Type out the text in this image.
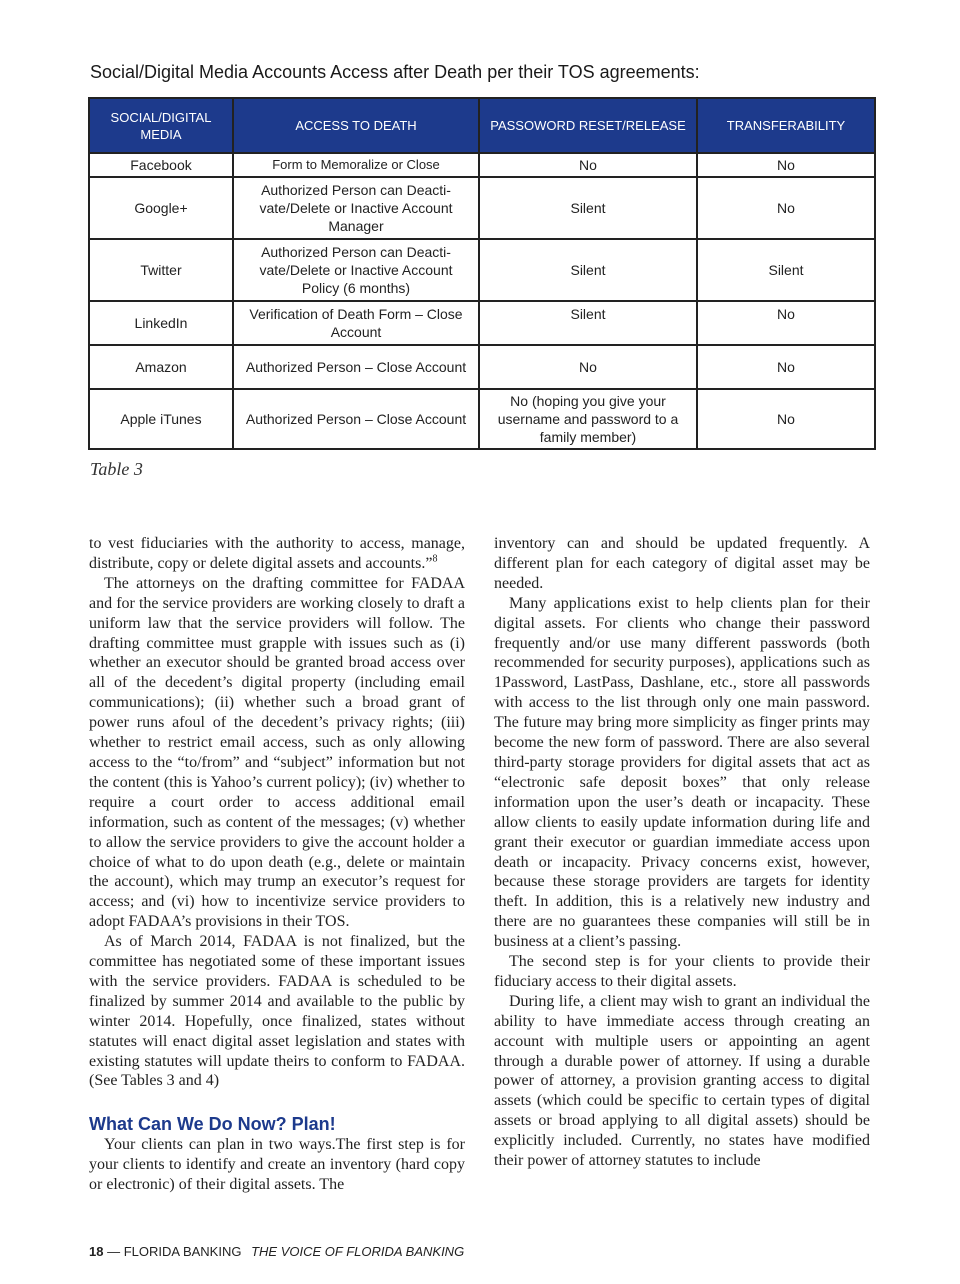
Social/Digital Media Accounts Access after Death per their TOS agreements:
SOCIAL/DIGITAL MEDIA	ACCESS TO DEATH	PASSOWORD RESET/RELEASE	TRANSFERABILITY
Facebook	Form to Memoralize or Close	No	No
Google+	Authorized Person can Deacti-vate/Delete or Inactive Account Manager	Silent	No
Twitter	Authorized Person can Deacti-vate/Delete or Inactive Account Policy (6 months)	Silent	Silent
LinkedIn	Verification of Death Form – Close Account	Silent	No
Amazon	Authorized Person – Close Account	No	No
Apple iTunes	Authorized Person – Close Account	No (hoping you give your username and password to a family member)	No
Table 3

to vest fiduciaries with the authority to access, manage, distribute, copy or delete digital assets and accounts.”$^8$

The attorneys on the drafting committee for FADAA and for the service providers are working closely to draft a uniform law that the service providers will follow. The drafting committee must grapple with issues such as (i) whether an executor should be granted broad access over all of the decedent’s digital property (including email communications); (ii) whether such a broad grant of power runs afoul of the decedent’s privacy rights; (iii) whether to restrict email access, such as only allowing access to the “to/from” and “subject” information but not the content (this is Yahoo’s current policy); (iv) whether to require a court order to access additional email information, such as content of the messages; (v) whether to allow the service providers to give the account holder a choice of what to do upon death (e.g., delete or maintain the account), which may trump an executor’s request for access; and (vi) how to incentivize service providers to adopt FADAA’s provisions in their TOS.

As of March 2014, FADAA is not finalized, but the committee has negotiated some of these important issues with the service providers. FADAA is scheduled to be finalized by summer 2014 and available to the public by winter 2014. Hopefully, once finalized, states without statutes will enact digital asset legislation and states with existing statutes will update theirs to conform to FADAA. (See Tables 3 and 4)

What Can We Do Now? Plan!

Your clients can plan in two ways.The first step is for your clients to identify and create an inventory (hard copy or electronic) of their digital assets. The

inventory can and should be updated frequently. A different plan for each category of digital asset may be needed.

Many applications exist to help clients plan for their digital assets. For clients who change their password frequently and/or use many different passwords (both recommended for security purposes), applications such as 1Password, LastPass, Dashlane, etc., store all passwords with access to the list through only one main password. The future may bring more simplicity as finger prints may become the new form of password. There are also several third-party storage providers for digital assets that act as “electronic safe deposit boxes” that only release information upon the user’s death or incapacity. These allow clients to easily update information during life and grant their executor or guardian immediate access upon death or incapacity. Privacy concerns exist, however, because these storage providers are targets for identity theft. In addition, this is a relatively new industry and there are no guarantees these companies will still be in business at a client’s passing.

The second step is for your clients to provide their fiduciary access to their digital assets.

During life, a client may wish to grant an individual the ability to have immediate access through creating an account with multiple users or appointing an agent through a durable power of attorney. If using a durable power of attorney, a provision granting access to digital assets (which could be specific to certain types of digital assets or broad applying to all digital assets) should be explicitly included. Currently, no states have modified their power of attorney statutes to include

18 — FLORIDA BANKING THE VOICE OF FLORIDA BANKING
